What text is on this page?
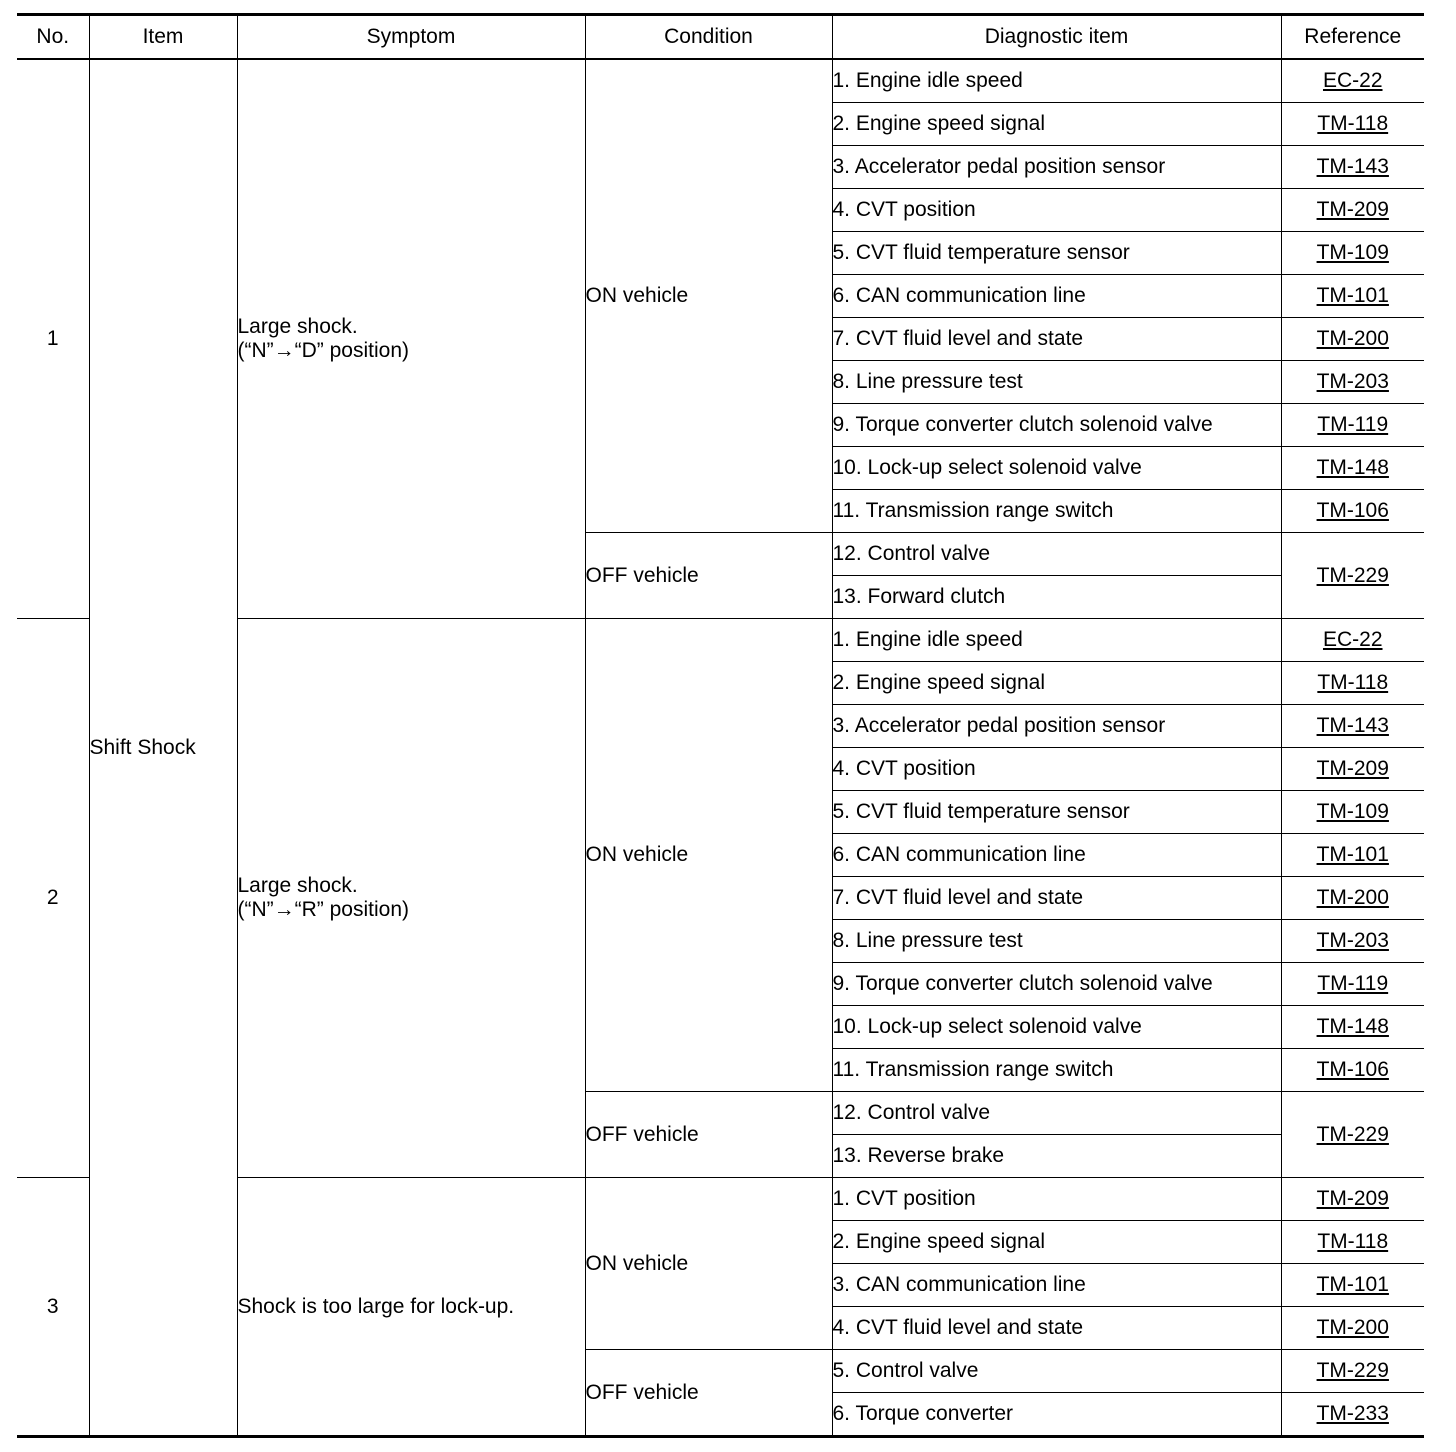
No.	Item	Symptom	Condition	Diagnostic item	Reference
1	Shift Shock	Large shock.
(“N”→“D” position)	ON vehicle	1. Engine idle speed	EC-22
				2. Engine speed signal	TM-118
				3. Accelerator pedal position sensor	TM-143
				4. CVT position	TM-209
				5. CVT fluid temperature sensor	TM-109
				6. CAN communication line	TM-101
				7. CVT fluid level and state	TM-200
				8. Line pressure test	TM-203
				9. Torque converter clutch solenoid valve	TM-119
				10. Lock-up select solenoid valve	TM-148
				11. Transmission range switch	TM-106
			OFF vehicle	12. Control valve	TM-229
				13. Forward clutch	
2		Large shock.
(“N”→“R” position)	ON vehicle	1. Engine idle speed	EC-22
				2. Engine speed signal	TM-118
				3. Accelerator pedal position sensor	TM-143
				4. CVT position	TM-209
				5. CVT fluid temperature sensor	TM-109
				6. CAN communication line	TM-101
				7. CVT fluid level and state	TM-200
				8. Line pressure test	TM-203
				9. Torque converter clutch solenoid valve	TM-119
				10. Lock-up select solenoid valve	TM-148
				11. Transmission range switch	TM-106
			OFF vehicle	12. Control valve	TM-229
				13. Reverse brake	
3		Shock is too large for lock-up.	ON vehicle	1. CVT position	TM-209
				2. Engine speed signal	TM-118
				3. CAN communication line	TM-101
				4. CVT fluid level and state	TM-200
			OFF vehicle	5. Control valve	TM-229
				6. Torque converter	TM-233
